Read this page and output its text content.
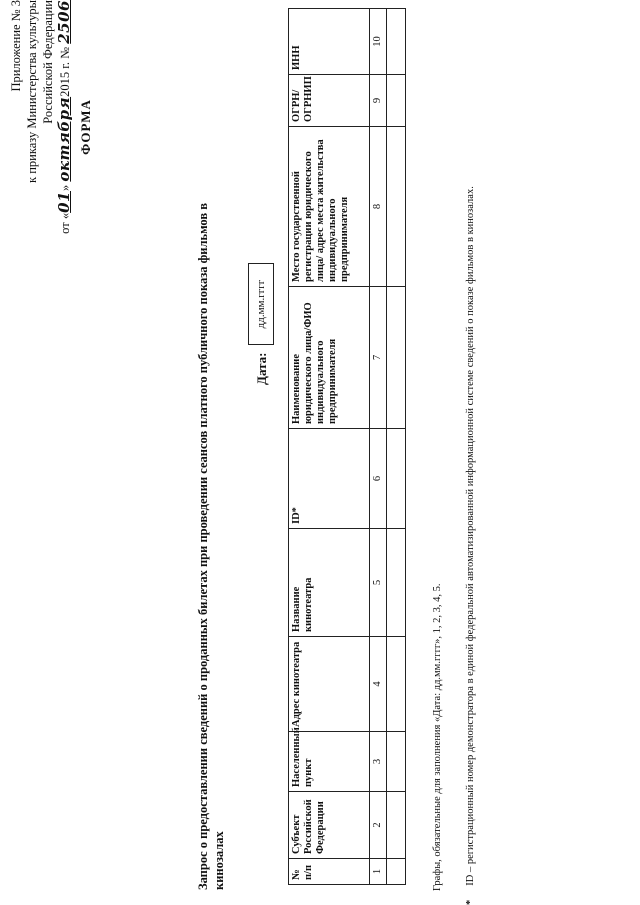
Приложение № 3 к приказу Министерства культуры Российской Федерации
от «01» октября2015 г. № 2506
ФОРМА
Запрос о предоставлении сведений о проданных билетах при проведении сеансов платного публичного показа фильмов в кинозалах
Дата:
дд.мм.гггг
№ п/п	Субъект Российской Федерации	Населенный пункт	Адрес кинотеатра	Название кинотеатра	ID*	Наименование юридического лица/ФИО индивидуального предпринимателя	Место государственной регистрации юридического лица/ адрес места жительства индивидуального предпринимателя	ОГРН/ ОГРНИП	ИНН
1	2	3	4	5	6	7	8	9	10

Графы, обязательные для заполнения «Дата: дд.мм.гггг», 1, 2, 3, 4, 5.
*ID – регистрационный номер демонстратора в единой федеральной автоматизированной информационной системе сведений о показе фильмов в кинозалах.
